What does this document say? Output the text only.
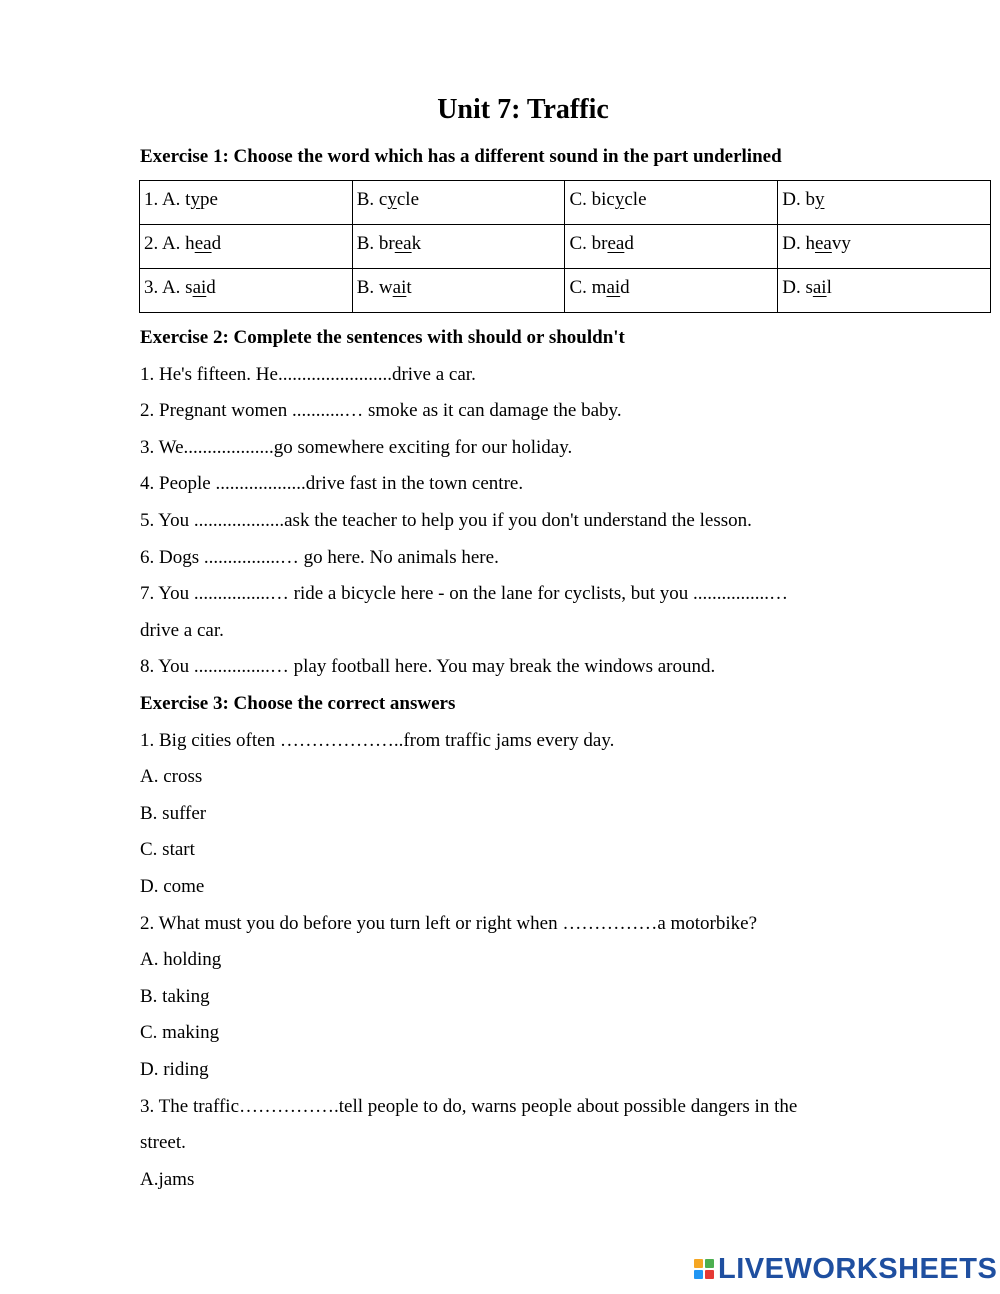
Unit 7: Traffic
Exercise 1: Choose the word which has a different sound in the part underlined
1. A. type	B. cycle	C. bicycle	D. by
2. A. head	B. break	C. bread	D. heavy
3. A. said	B. wait	C. maid	D. sail
Exercise 2: Complete the sentences with should or shouldn't
1. He's fifteen. He........................drive a car.
2. Pregnant women ...........… smoke as it can damage the baby.
3. We...................go somewhere exciting for our holiday.
4. People ...................drive fast in the town centre.
5. You ...................ask the teacher to help you if you don't understand the lesson.
6. Dogs ................… go here. No animals here.
7. You ................… ride a bicycle here - on the lane for cyclists, but you ................…
drive a car.
8. You ................… play football here. You may break the windows around.
Exercise 3: Choose the correct answers
1. Big cities often ………………..from traffic jams every day.
A. cross
B. suffer
C. start
D. come
2. What must you do before you turn left or right when ……………a motorbike?
A. holding
B. taking
C. making
D. riding
3. The traffic…………….tell people to do, warns people about possible dangers in the
street.
A.jams
LIVEWORKSHEETS
